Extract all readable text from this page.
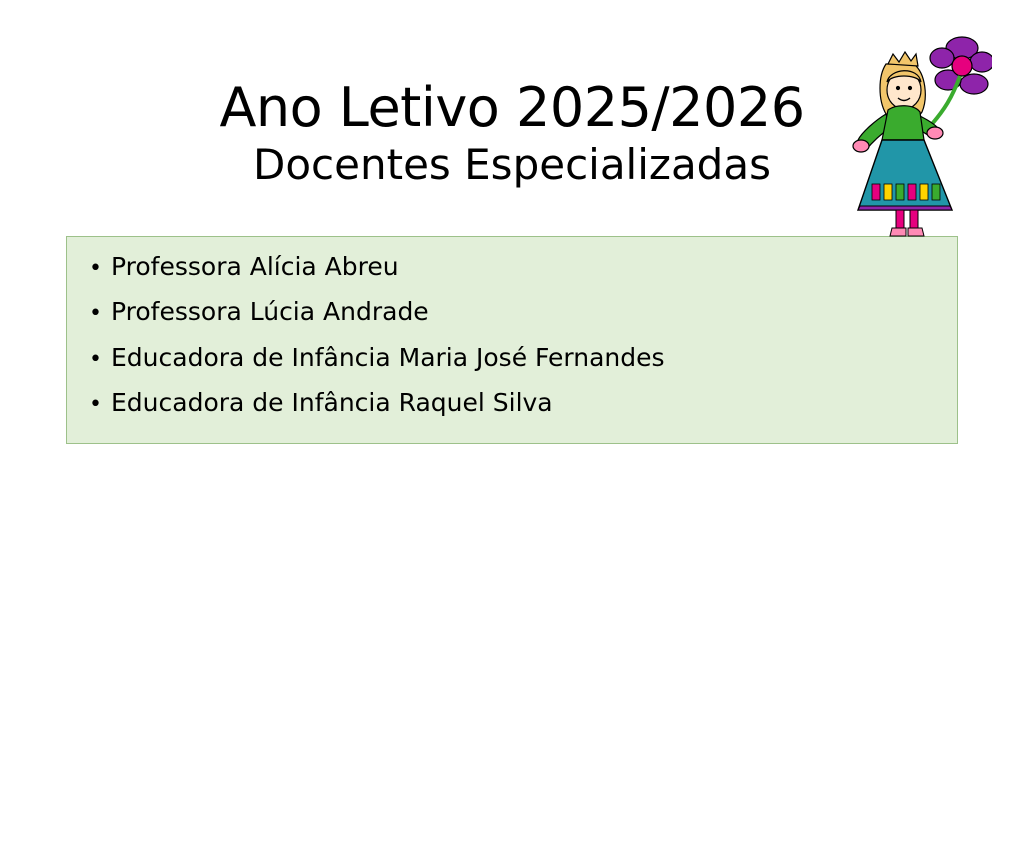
Ano Letivo 2025/2026
Docentes Especializadas
• Professora Alícia Abreu
• Professora Lúcia Andrade
• Educadora de Infância Maria José Fernandes
• Educadora de Infância Raquel Silva
